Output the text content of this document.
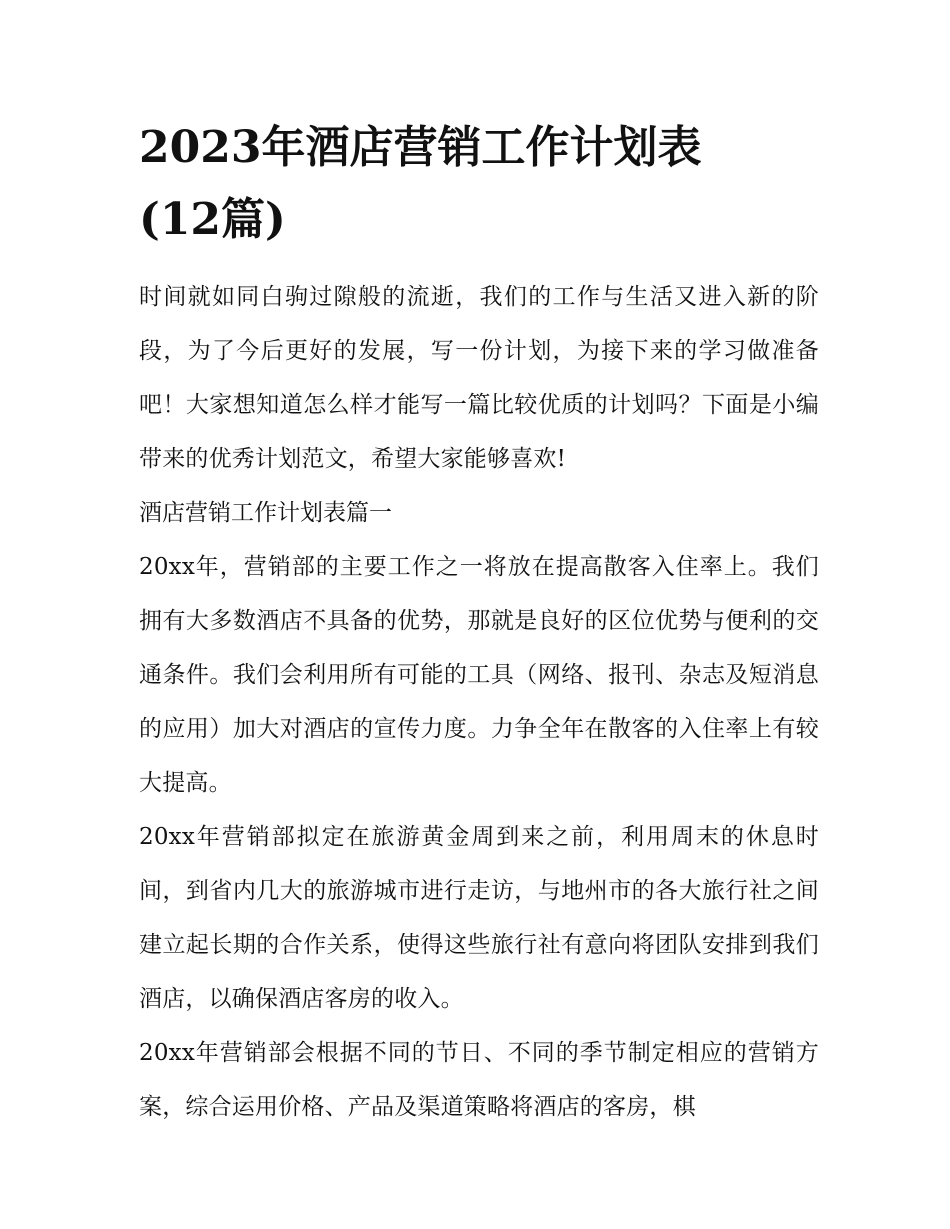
2023年酒店营销工作计划表
(12篇)

时间就如同白驹过隙般的流逝，我们的工作与生活又进入新的阶段，为了今后更好的发展，写一份计划，为接下来的学习做准备吧！大家想知道怎么样才能写一篇比较优质的计划吗？下面是小编带来的优秀计划范文，希望大家能够喜欢!

酒店营销工作计划表篇一

20xx年，营销部的主要工作之一将放在提高散客入住率上。我们拥有大多数酒店不具备的优势，那就是良好的区位优势与便利的交通条件。我们会利用所有可能的工具（网络、报刊、杂志及短消息的应用）加大对酒店的宣传力度。力争全年在散客的入住率上有较大提高。

20xx年营销部拟定在旅游黄金周到来之前，利用周末的休息时间，到省内几大的旅游城市进行走访，与地州市的各大旅行社之间建立起长期的合作关系，使得这些旅行社有意向将团队安排到我们酒店，以确保酒店客房的收入。

20xx年营销部会根据不同的节日、不同的季节制定相应的营销方案，综合运用价格、产品及渠道策略将酒店的客房，棋
